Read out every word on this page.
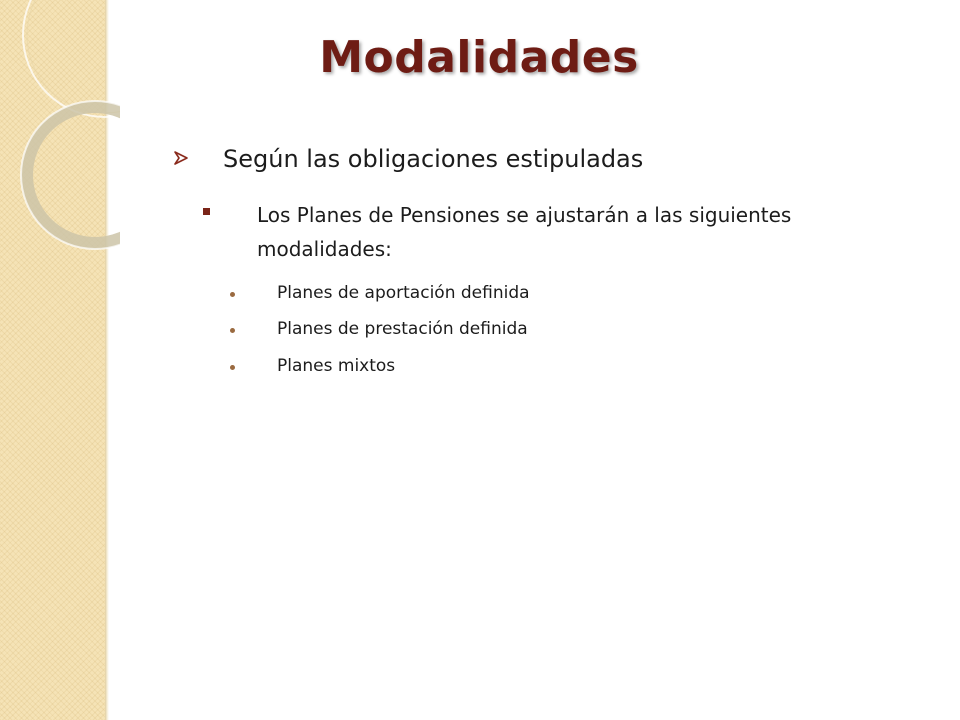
Modalidades
Según las obligaciones estipuladas
Los Planes de Pensiones se ajustarán a las siguientes modalidades:
Planes de aportación definida
Planes de prestación definida
Planes mixtos
